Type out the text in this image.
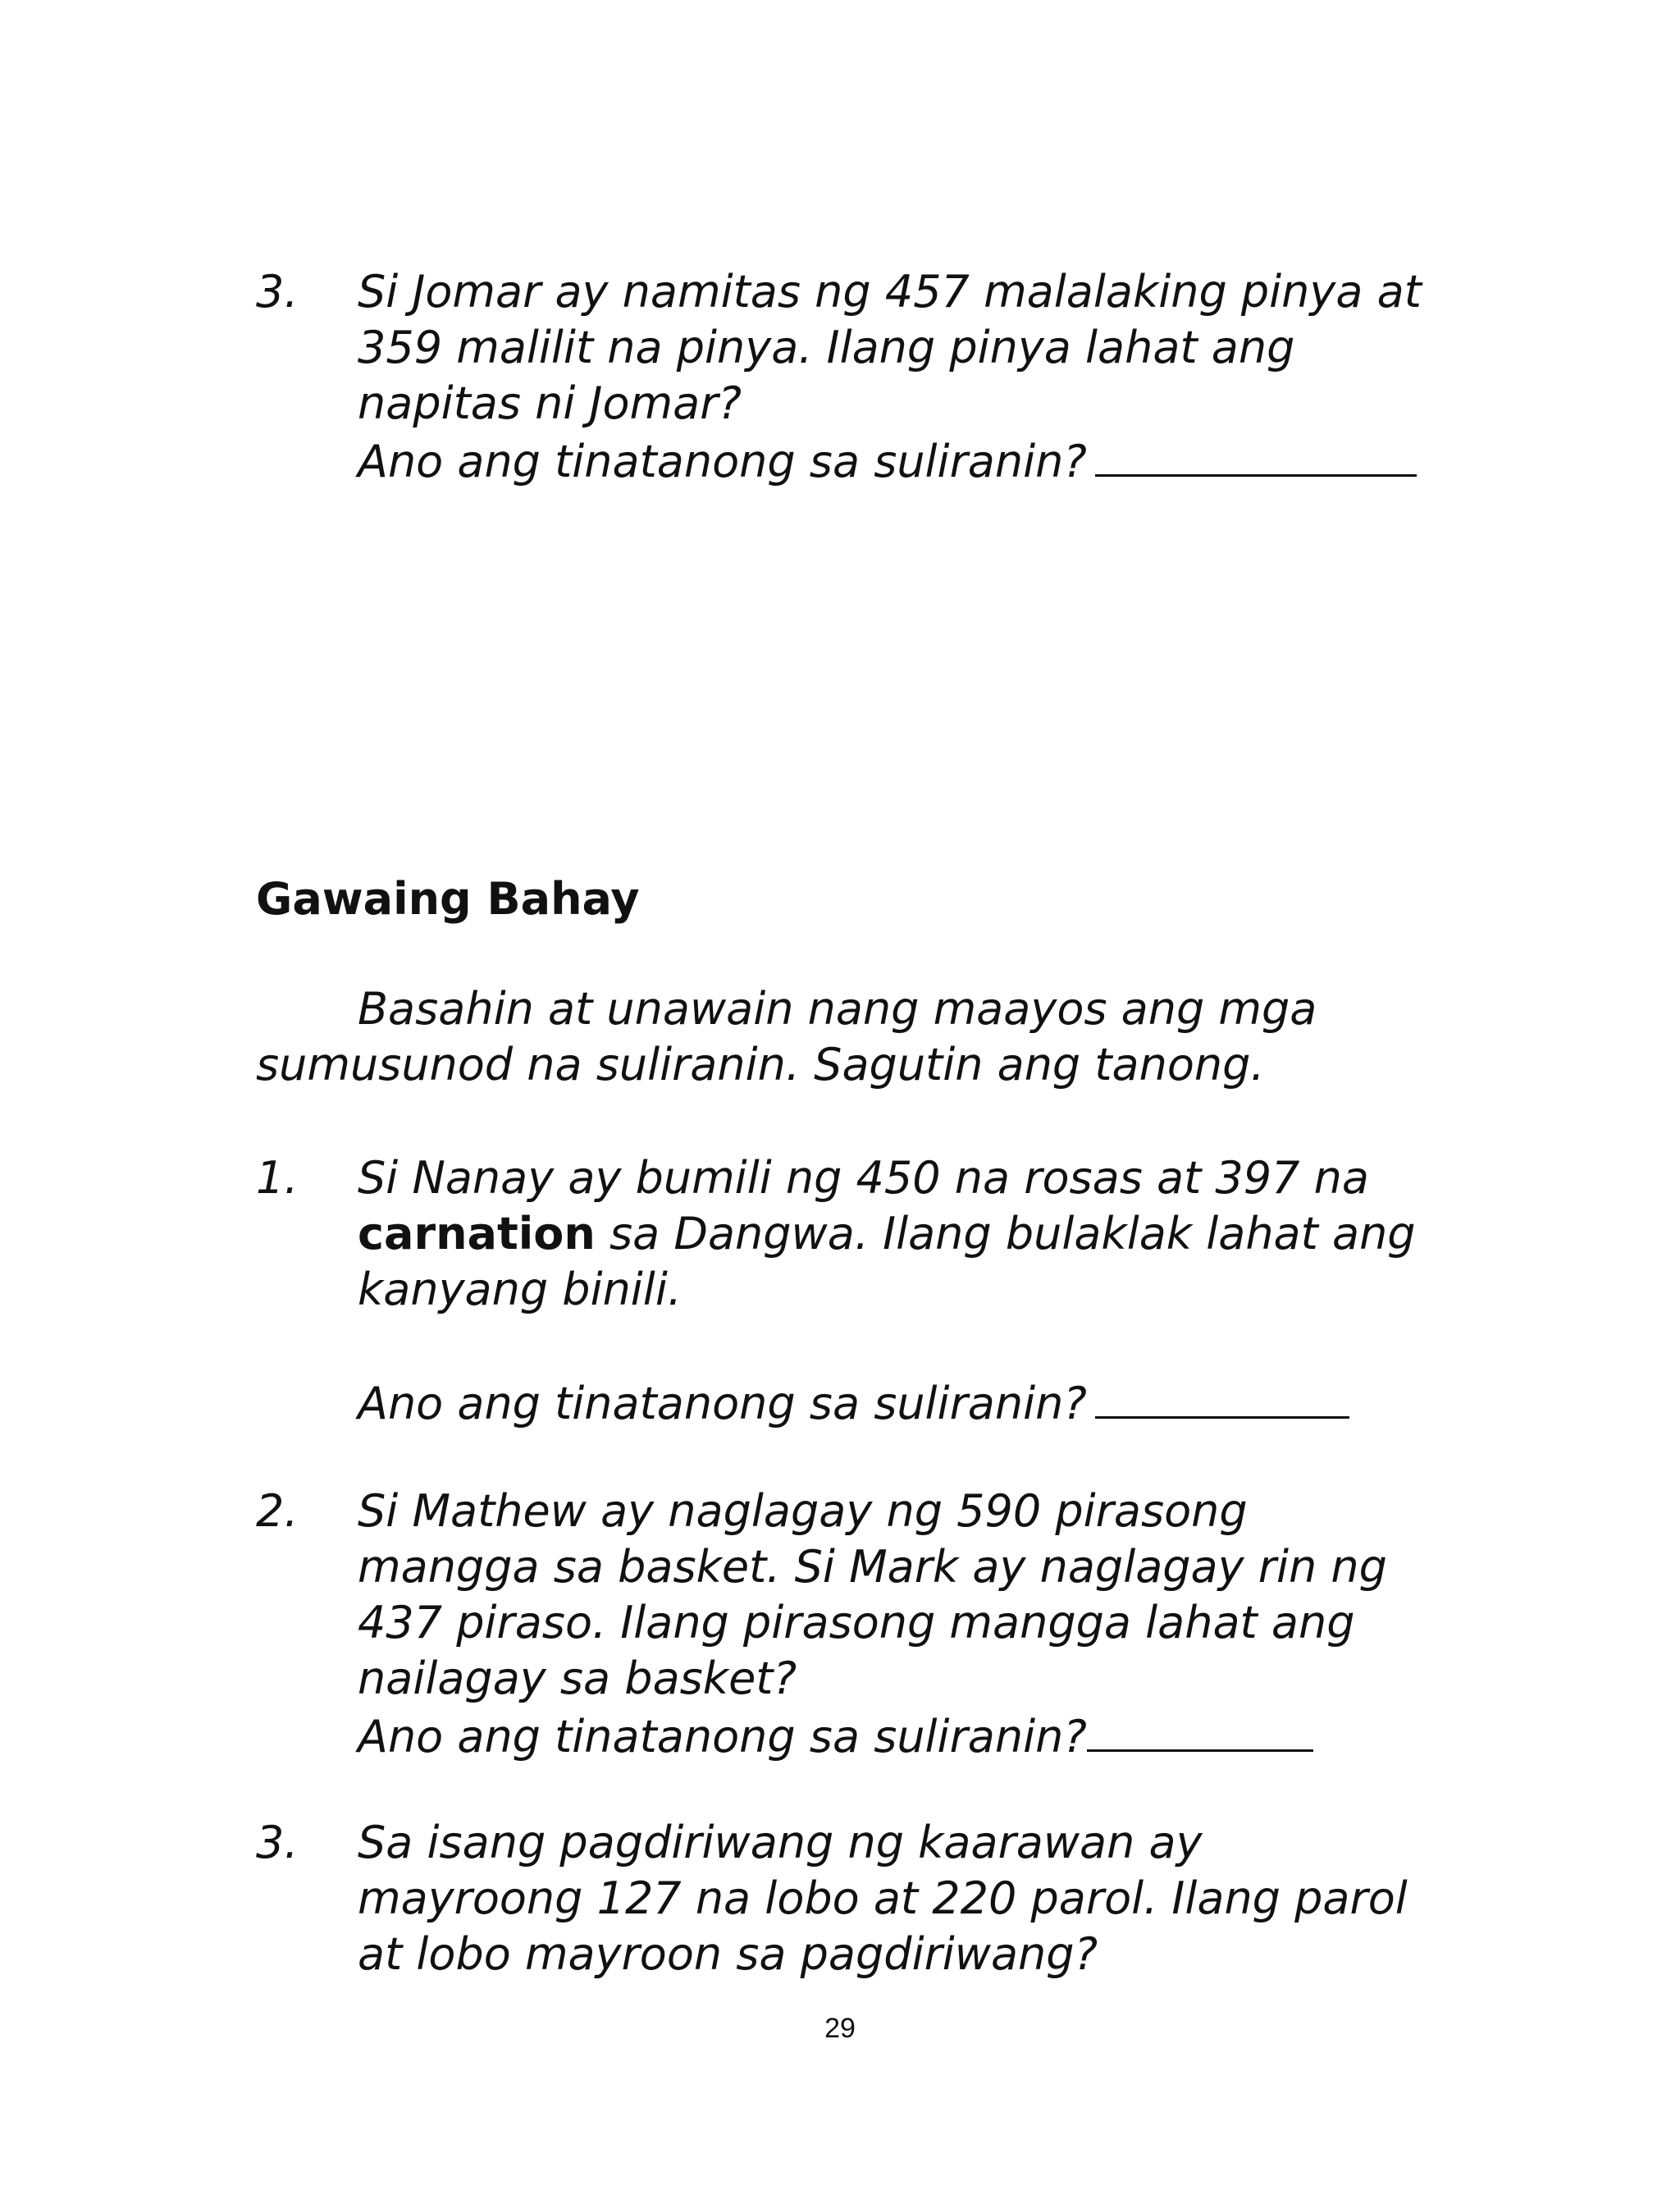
3.	Si Jomar ay namitas ng 457 malalaking pinya at
359 malilit na pinya. Ilang pinya lahat ang
napitas ni Jomar?
Ano ang tinatanong sa suliranin?
Gawaing Bahay
Basahin at unawain nang maayos ang mga
sumusunod na suliranin. Sagutin ang tanong.
1.	Si Nanay ay bumili ng 450 na rosas at 397 na
carnation sa Dangwa. Ilang bulaklak lahat ang
kanyang binili.
Ano ang tinatanong sa suliranin?
2.	Si Mathew ay naglagay ng 590 pirasong
mangga sa basket. Si Mark ay naglagay rin ng
437 piraso. Ilang pirasong mangga lahat ang
nailagay sa basket?
Ano ang tinatanong sa suliranin?
3.	Sa isang pagdiriwang ng kaarawan ay
mayroong 127 na lobo at 220 parol. Ilang parol
at lobo mayroon sa pagdiriwang?
29
